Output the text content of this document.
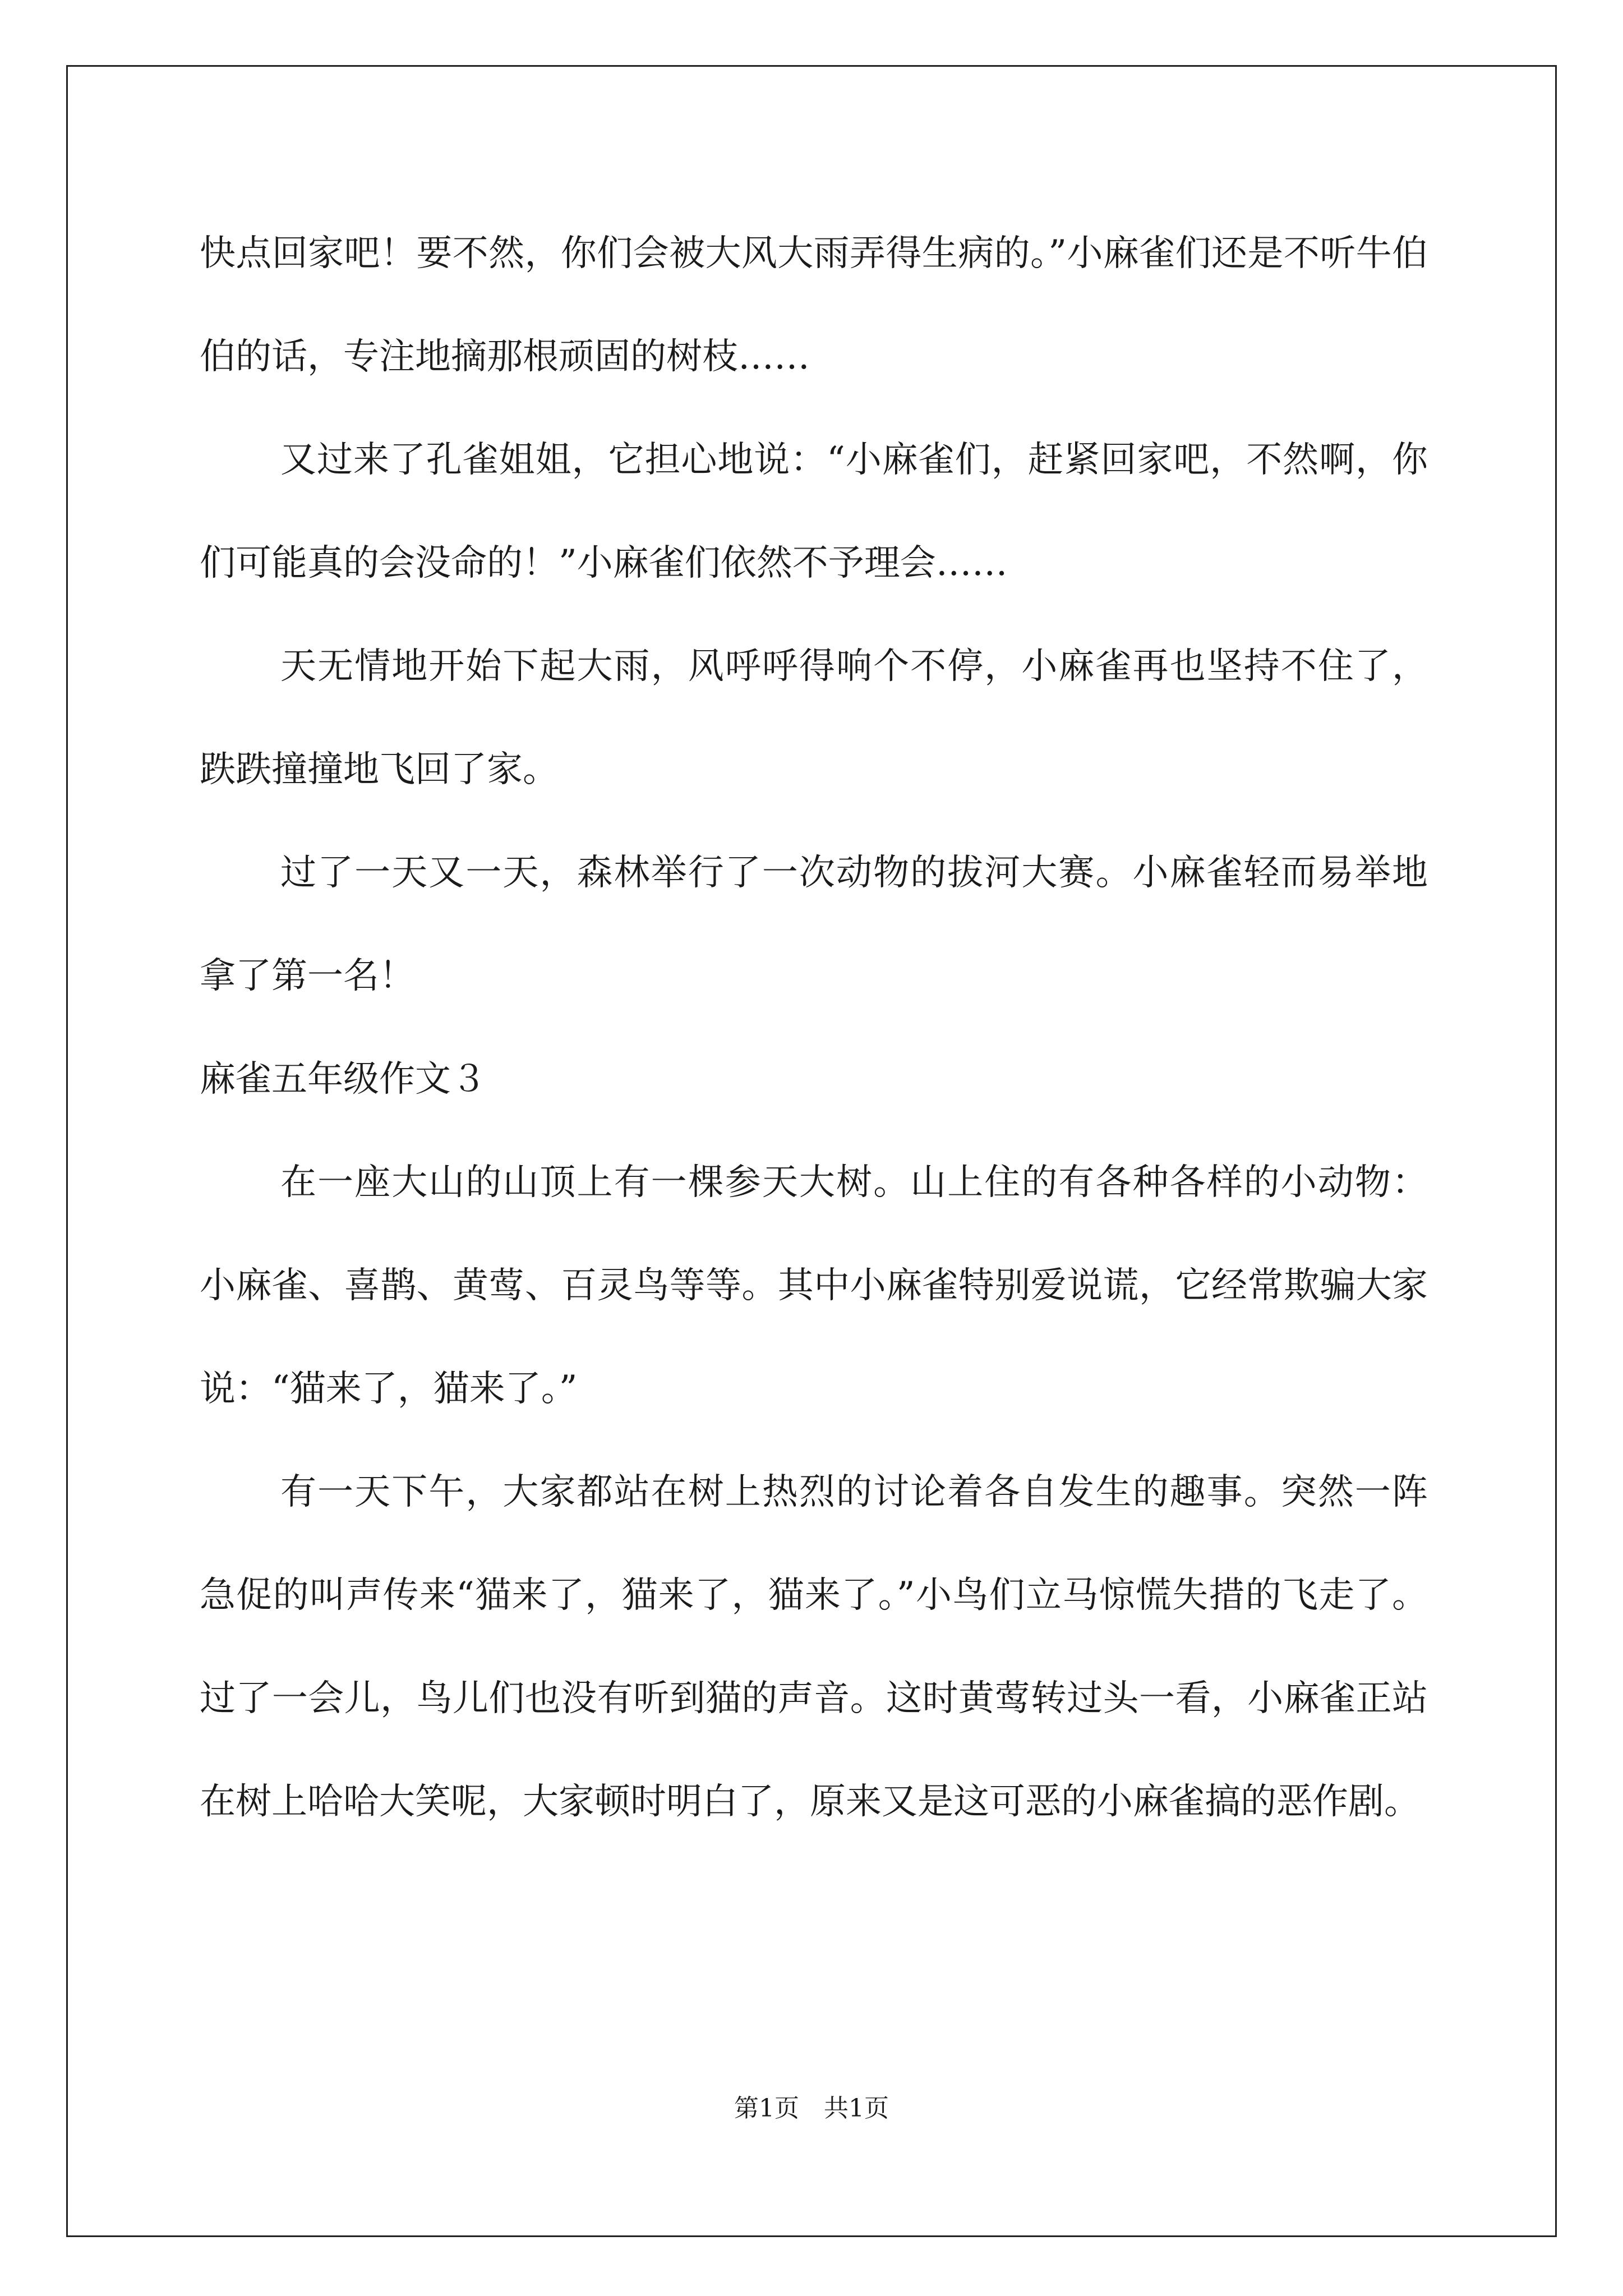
快点回家吧！要不然，你们会被大风大雨弄得生病的。”小麻雀们还是不听牛伯伯的话，专注地摘那根顽固的树枝……

又过来了孔雀姐姐，它担心地说：“小麻雀们，赶紧回家吧，不然啊，你们可能真的会没命的！”小麻雀们依然不予理会……

天无情地开始下起大雨，风呼呼得响个不停，小麻雀再也坚持不住了，跌跌撞撞地飞回了家。

过了一天又一天，森林举行了一次动物的拔河大赛。小麻雀轻而易举地拿了第一名！

麻雀五年级作文３

在一座大山的山顶上有一棵参天大树。山上住的有各种各样的小动物：小麻雀、喜鹊、黄莺、百灵鸟等等。其中小麻雀特别爱说谎，它经常欺骗大家说：“猫来了，猫来了。”

有一天下午，大家都站在树上热烈的讨论着各自发生的趣事。突然一阵急促的叫声传来“猫来了，猫来了，猫来了。”小鸟们立马惊慌失措的飞走了。过了一会儿，鸟儿们也没有听到猫的声音。这时黄莺转过头一看，小麻雀正站在树上哈哈大笑呢，大家顿时明白了，原来又是这可恶的小麻雀搞的恶作剧。

第1页　共1页
